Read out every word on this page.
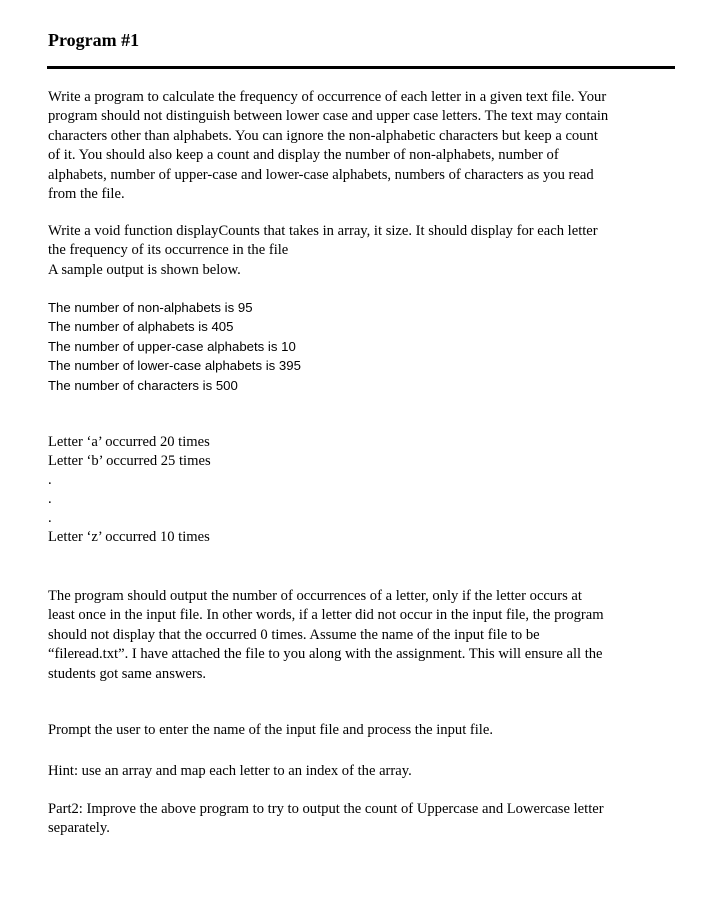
Program #1

Write a program to calculate the frequency of occurrence of each letter in a given text file. Your

program should not distinguish between lower case and upper case letters. The text may contain

characters other than alphabets. You can ignore the non-alphabetic characters but keep a count

of it. You should also keep a count and display the number of non-alphabets, number of

alphabets, number of upper-case and lower-case alphabets, numbers of characters as you read

from the file.

Write a void function displayCounts that takes in array, it size. It should display for each letter

the frequency of its occurrence in the file

A sample output is shown below.

The number of non-alphabets is 95
The number of alphabets is 405
The number of upper-case alphabets is 10
The number of lower-case alphabets is 395
The number of characters is 500
Letter ‘a’ occurred 20 times
Letter ‘b’ occurred 25 times
.
.
.
Letter ‘z’ occurred 10 times

The program should output the number of occurrences of a letter, only if the letter occurs at

least once in the input file. In other words, if a letter did not occur in the input file, the program

should not display that the occurred 0 times. Assume the name of the input file to be

“fileread.txt”. I have attached the file to you along with the assignment. This will ensure all the

students got same answers.

Prompt the user to enter the name of the input file and process the input file.

Hint: use an array and map each letter to an index of the array.

Part2: Improve the above program to try to output the count of Uppercase and Lowercase letter

separately.
